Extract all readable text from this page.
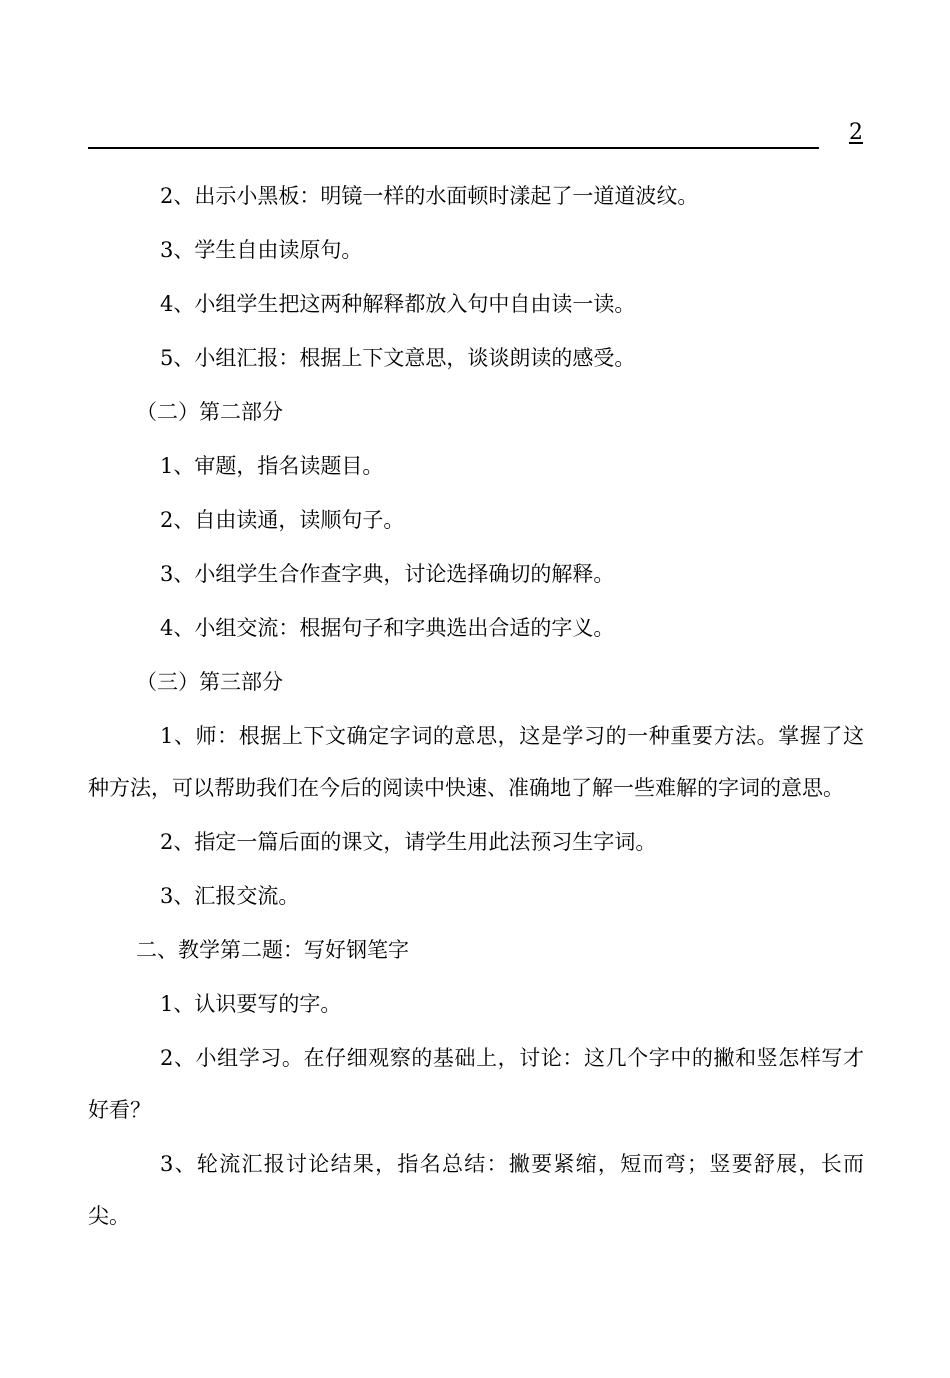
2

2、出示小黑板：明镜一样的水面顿时漾起了一道道波纹。

3、学生自由读原句。

4、小组学生把这两种解释都放入句中自由读一读。

5、小组汇报：根据上下文意思，谈谈朗读的感受。

（二）第二部分

1、审题，指名读题目。

2、自由读通，读顺句子。

3、小组学生合作查字典，讨论选择确切的解释。

4、小组交流：根据句子和字典选出合适的字义。

（三）第三部分

1、师：根据上下文确定字词的意思，这是学习的一种重要方法。掌握了这种方法，可以帮助我们在今后的阅读中快速、准确地了解一些难解的字词的意思。

2、指定一篇后面的课文，请学生用此法预习生字词。

3、汇报交流。

二、教学第二题：写好钢笔字

1、认识要写的字。

2、小组学习。在仔细观察的基础上，讨论：这几个字中的撇和竖怎样写才好看？

3、轮流汇报讨论结果，指名总结：撇要紧缩，短而弯；竖要舒展，长而尖。
